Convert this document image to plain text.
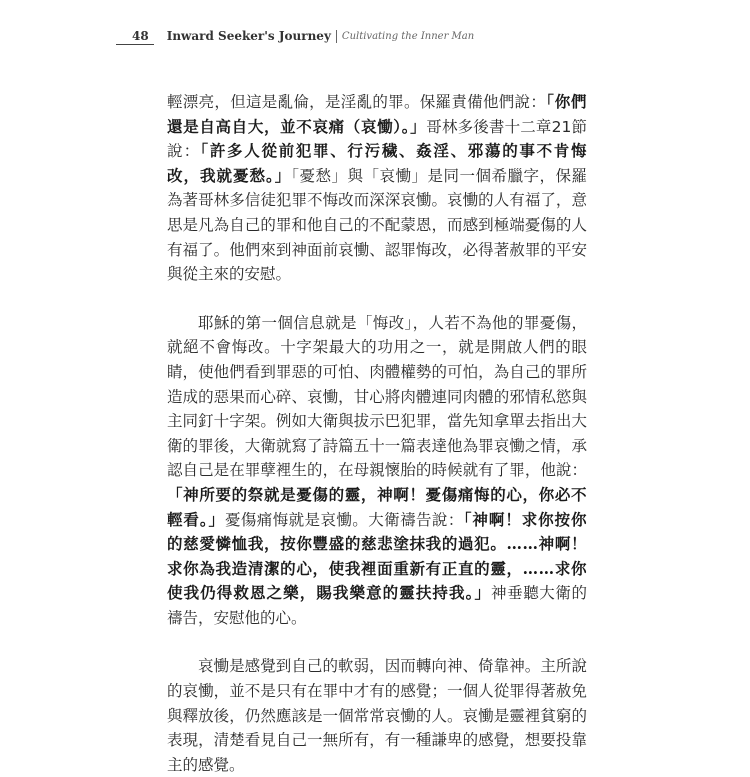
48 Inward Seeker's Journey Cultivating the Inner Man

輕漂亮，但這是亂倫，是淫亂的罪。保羅責備他們說：「你們還是自高自大，並不哀痛（哀慟）。」哥林多後書十二章21節說：「許多人從前犯罪、行污穢、姦淫、邪蕩的事不肯悔改，我就憂愁。」「憂愁」與「哀慟」是同一個希臘字，保羅為著哥林多信徒犯罪不悔改而深深哀慟。哀慟的人有福了，意思是凡為自己的罪和他自己的不配蒙恩，而感到極端憂傷的人有福了。他們來到神面前哀慟、認罪悔改，必得著赦罪的平安與從主來的安慰。

耶穌的第一個信息就是「悔改」，人若不為他的罪憂傷，就絕不會悔改。十字架最大的功用之一，就是開啟人們的眼睛，使他們看到罪惡的可怕、肉體權勢的可怕，為自己的罪所造成的惡果而心碎、哀慟，甘心將肉體連同肉體的邪情私慾與主同釘十字架。例如大衛與拔示巴犯罪，當先知拿單去指出大衛的罪後，大衛就寫了詩篇五十一篇表達他為罪哀慟之情，承認自己是在罪孽裡生的，在母親懷胎的時候就有了罪，他說：「神所要的祭就是憂傷的靈，神啊！憂傷痛悔的心，你必不輕看。」憂傷痛悔就是哀慟。大衛禱告說：「神啊！求你按你的慈愛憐恤我，按你豐盛的慈悲塗抹我的過犯。……神啊！求你為我造清潔的心，使我裡面重新有正直的靈，……求你使我仍得救恩之樂，賜我樂意的靈扶持我。」神垂聽大衛的禱告，安慰他的心。

哀慟是感覺到自己的軟弱，因而轉向神、倚靠神。主所說的哀慟，並不是只有在罪中才有的感覺；一個人從罪得著赦免與釋放後，仍然應該是一個常常哀慟的人。哀慟是靈裡貧窮的表現，清楚看見自己一無所有，有一種謙卑的感覺，想要投靠主的感覺。
